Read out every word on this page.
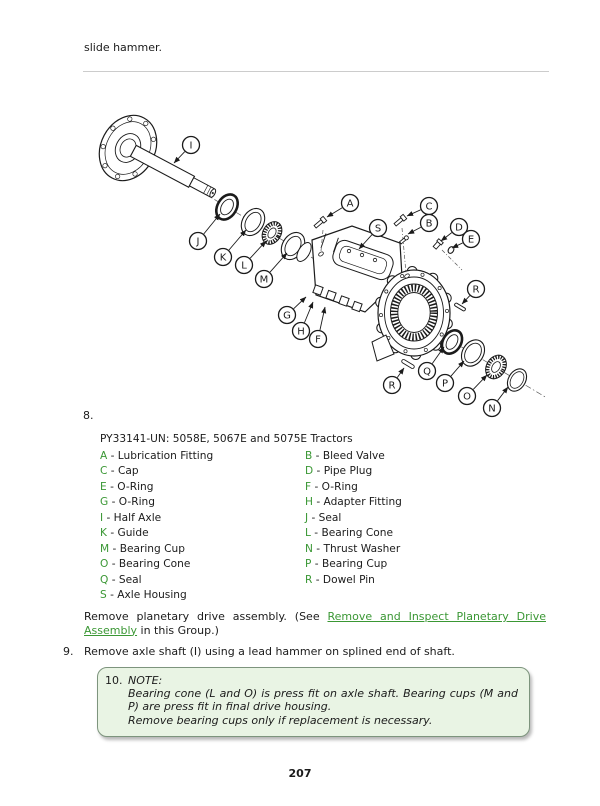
slide hammer.
I
J
K
L
M
A
S
C
B D
E
R
G
H
F
R
Q
P
O
N
8.
PY33141-UN: 5058E, 5067E and 5075E Tractors
A - Lubrication Fitting	B - Bleed Valve
C - Cap	D - Pipe Plug
E - O-Ring	F - O-Ring
G - O-Ring	H - Adapter Fitting
I - Half Axle	J - Seal
K - Guide	L - Bearing Cone
M - Bearing Cup	N - Thrust Washer
O - Bearing Cone	P - Bearing Cup
Q - Seal	R - Dowel Pin
S - Axle Housing
Remove planetary drive assembly. (See Remove and Inspect Planetary Drive Assembly in this Group.)
9. Remove axle shaft (I) using a lead hammer on splined end of shaft.
10. NOTE:

Bearing cone (L and O) is press fit on axle shaft. Bearing cups (M and P) are press fit in final drive housing.

Remove bearing cups only if replacement is necessary.

207
